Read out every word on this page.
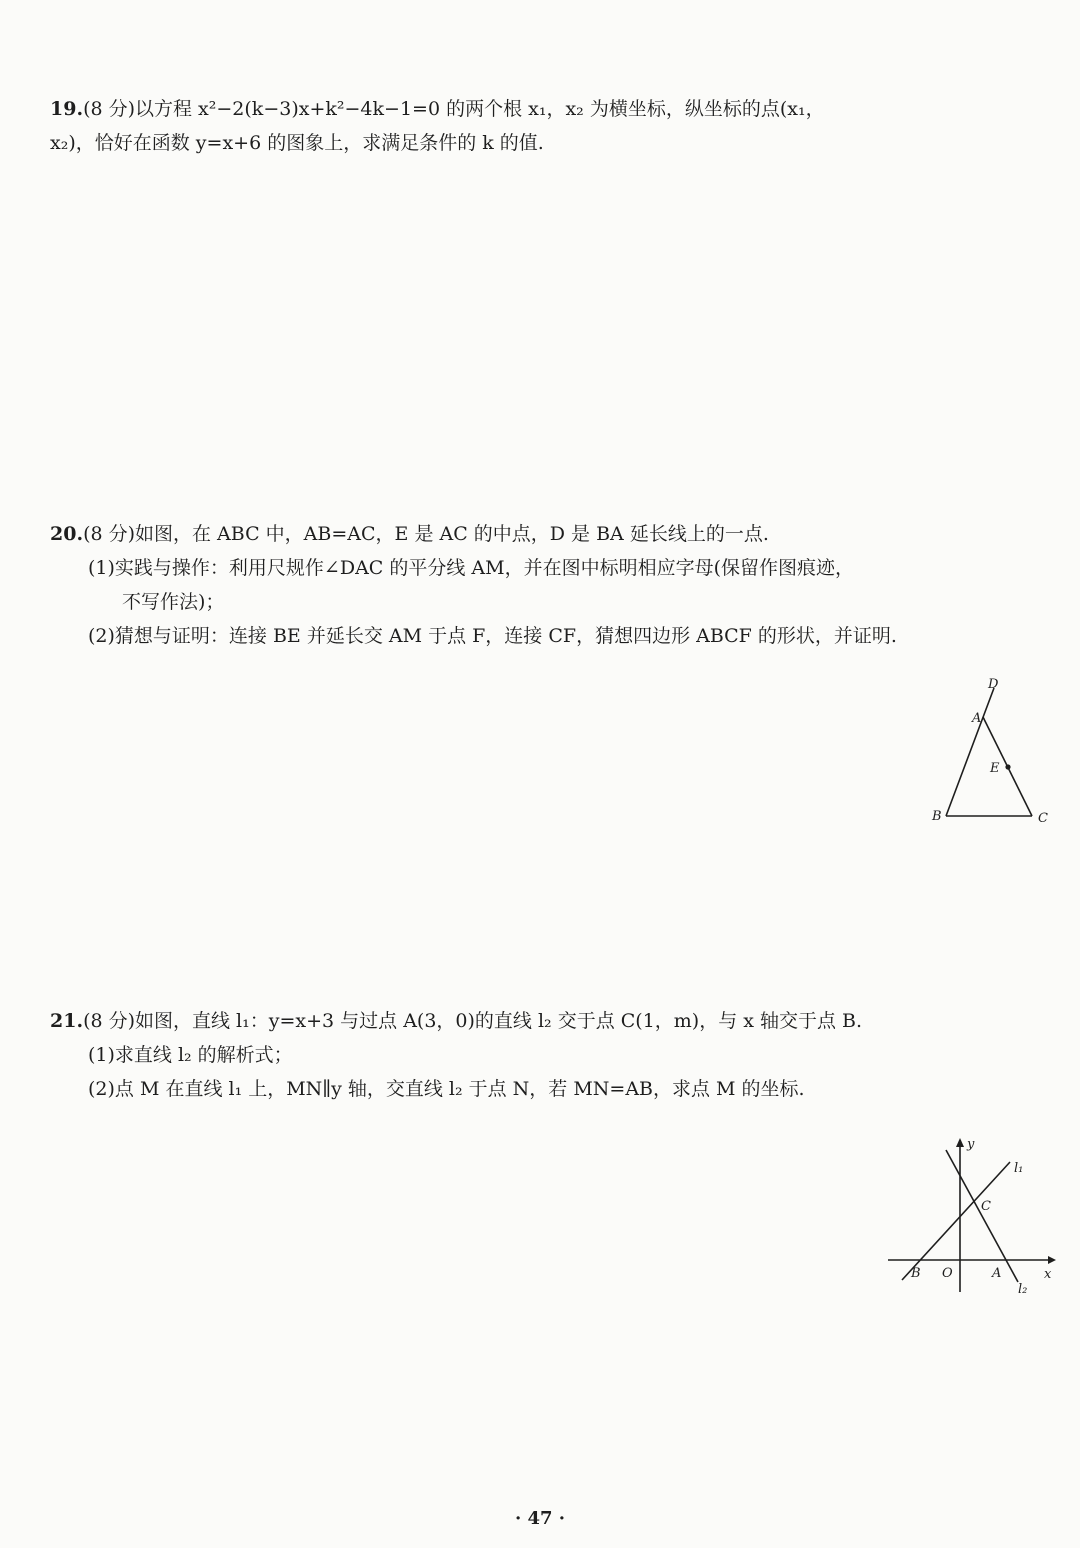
19.(8 分)以方程 x²−2(k−3)x+k²−4k−1=0 的两个根 x₁，x₂ 为横坐标，纵坐标的点(x₁，
x₂)，恰好在函数 y=x+6 的图象上，求满足条件的 k 的值.
20.(8 分)如图，在 ABC 中，AB=AC，E 是 AC 的中点，D 是 BA 延长线上的一点.
(1)实践与操作：利用尺规作∠DAC 的平分线 AM，并在图中标明相应字母(保留作图痕迹，
不写作法)；
(2)猜想与证明：连接 BE 并延长交 AM 于点 F，连接 CF，猜想四边形 ABCF 的形状，并证明.
D
A
E
B	C
21.(8 分)如图，直线 l₁：y=x+3 与过点 A(3，0)的直线 l₂ 交于点 C(1，m)，与 x 轴交于点 B.
(1)求直线 l₂ 的解析式；
(2)点 M 在直线 l₁ 上，MN∥y 轴，交直线 l₂ 于点 N，若 MN=AB，求点 M 的坐标.
y
x
l₁
l₂
C
B O	A
· 47 ·
